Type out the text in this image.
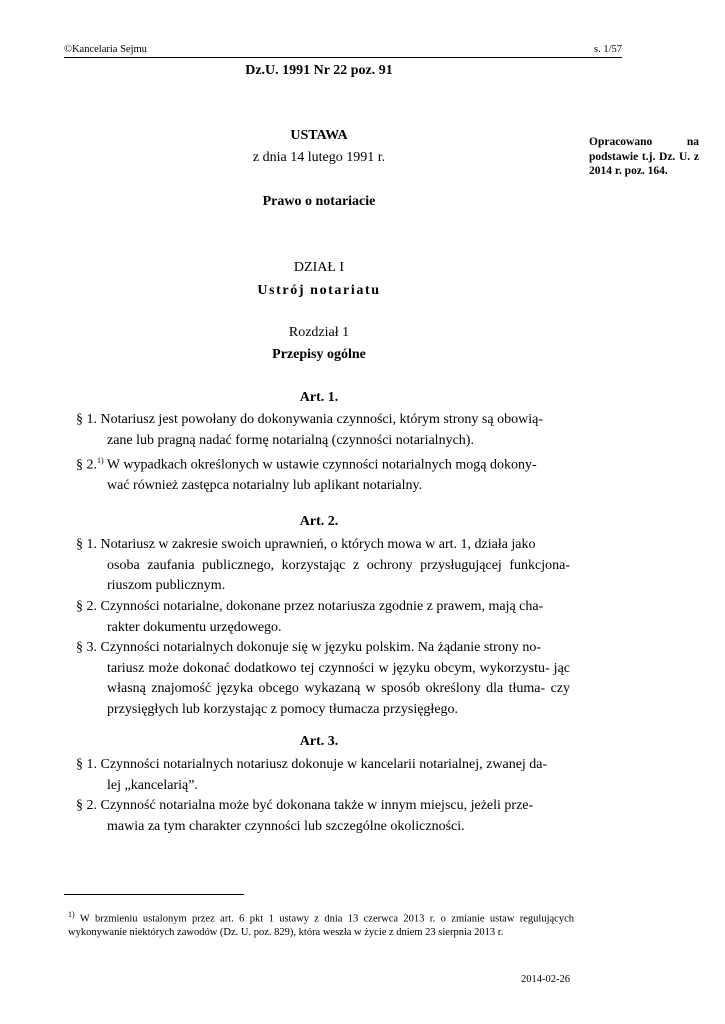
©Kancelaria Sejmu	s. 1/57
Dz.U. 1991 Nr 22 poz. 91
Opracowano na podstawie t.j. Dz. U. z 2014 r. poz. 164.
USTAWA
z dnia 14 lutego 1991 r.
Prawo o notariacie
DZIAŁ I
Ustrój notariatu
Rozdział 1
Przepisy ogólne
Art. 1.
§ 1. Notariusz jest powołany do dokonywania czynności, którym strony są obowią-
zane lub pragną nadać formę notarialną (czynności notarialnych).
§ 2.$^{1)}$ W wypadkach określonych w ustawie czynności notarialnych mogą dokony-
wać również zastępca notarialny lub aplikant notarialny.
Art. 2.
§ 1. Notariusz w zakresie swoich uprawnień, o których mowa w art. 1, działa jako
osoba zaufania publicznego, korzystając z ochrony przysługującej funkcjona- riuszom publicznym.
§ 2. Czynności notarialne, dokonane przez notariusza zgodnie z prawem, mają cha-
rakter dokumentu urzędowego.
§ 3. Czynności notarialnych dokonuje się w języku polskim. Na żądanie strony no-
tariusz może dokonać dodatkowo tej czynności w języku obcym, wykorzystu- jąc własną znajomość języka obcego wykazaną w sposób określony dla tłuma- czy przysięgłych lub korzystając z pomocy tłumacza przysięgłego.
Art. 3.
§ 1. Czynności notarialnych notariusz dokonuje w kancelarii notarialnej, zwanej da-
lej „kancelarią”.
§ 2. Czynność notarialna może być dokonana także w innym miejscu, jeżeli prze-
mawia za tym charakter czynności lub szczególne okoliczności.
$^{1)}$ W brzmieniu ustalonym przez art. 6 pkt 1 ustawy z dnia 13 czerwca 2013 r. o zmianie ustaw regulujących wykonywanie niektórych zawodów (Dz. U. poz. 829), która weszła w życie z dniem 23 sierpnia 2013 r.
2014-02-26
